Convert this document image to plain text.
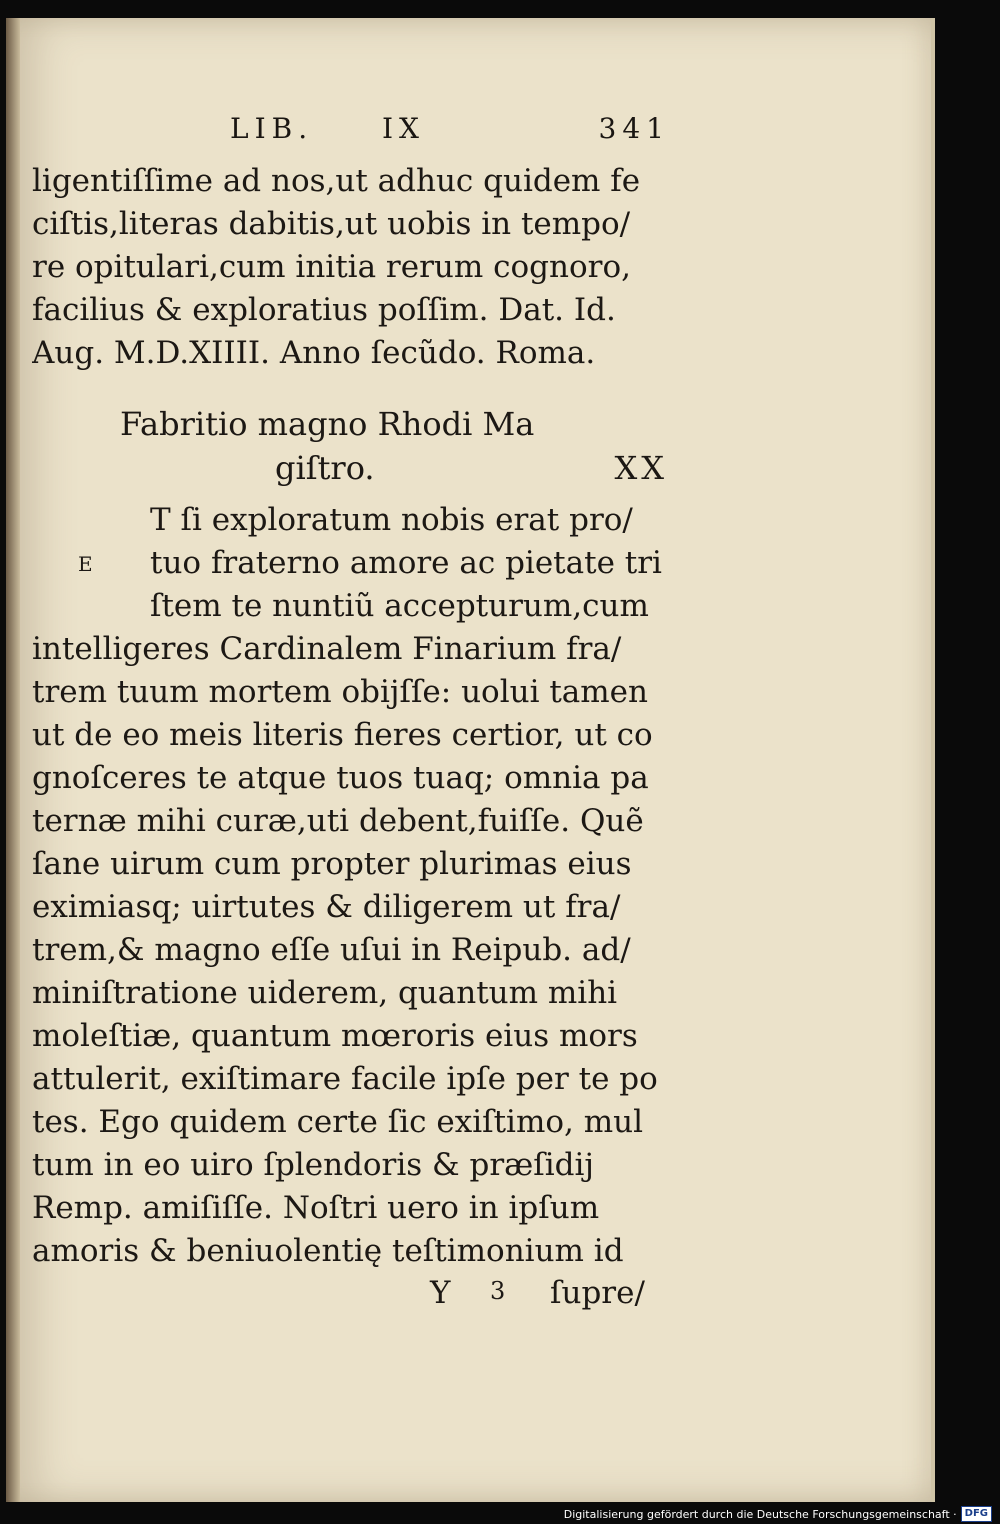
LIB. IX	341
ligentiſſime ad nos,ut adhuc quidem fe
ciſtis,literas dabitis,ut uobis in tempo/
re opitulari,cum initia rerum cognoro,
facilius & exploratius poſſim. Dat. Id.
Aug. M.D.XIIII. Anno ſecũdo. Roma.
Fabritio magno Rhodi Ma
giſtro.	XX
E
T ſi exploratum nobis erat pro/
tuo fraterno amore ac pietate tri
ſtem te nuntiũ accepturum,cum
intelligeres Cardinalem Finarium fra/
trem tuum mortem obijſſe: uolui tamen
ut de eo meis literis fieres certior, ut co
gnoſceres te atque tuos tuaq; omnia pa
ternæ mihi curæ,uti debent,fuiſſe. Quẽ
ſane uirum cum propter plurimas eius
eximiasq; uirtutes & diligerem ut fra/
trem,& magno eſſe uſui in Reipub. ad/
miniſtratione uiderem, quantum mihi
moleſtiæ, quantum mœroris eius mors
attulerit, exiſtimare facile ipſe per te po
tes. Ego quidem certe ſic exiſtimo, mul
tum in eo uiro ſplendoris & præſidij
Remp. amiſiſſe. Noſtri uero in ipſum
amoris & beniuolentię teſtimonium id
Y 3 ſupre/
Digitalisierung gefördert durch die Deutsche Forschungsgemeinschaft · DFG
